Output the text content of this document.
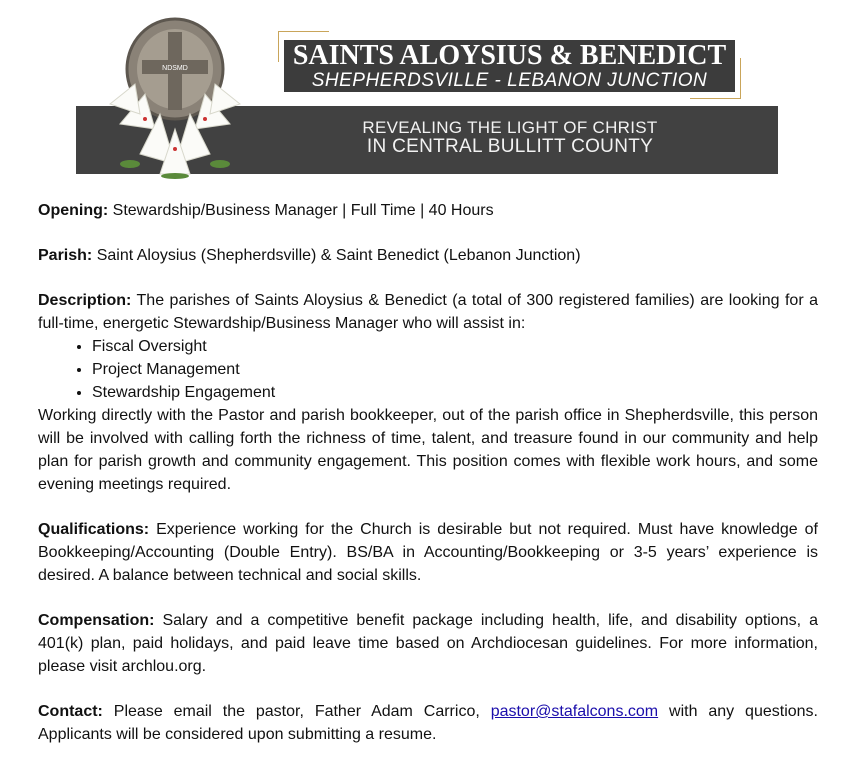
REVEALING THE LIGHT OF CHRIST
IN CENTRAL BULLITT COUNTY
SAINTS ALOYSIUS & BENEDICT
SHEPHERDSVILLE - LEBANON JUNCTION
NDSMD

Opening: Stewardship/Business Manager | Full Time | 40 Hours

Parish: Saint Aloysius (Shepherdsville) & Saint Benedict (Lebanon Junction)

Description: The parishes of Saints Aloysius & Benedict (a total of 300 registered families) are looking for a full-time, energetic Stewardship/Business Manager who will assist in:
• Fiscal Oversight
• Project Management
• Stewardship Engagement
Working directly with the Pastor and parish bookkeeper, out of the parish office in Shepherdsville, this person will be involved with calling forth the richness of time, talent, and treasure found in our community and help plan for parish growth and community engagement. This position comes with flexible work hours, and some evening meetings required.

Qualifications: Experience working for the Church is desirable but not required. Must have knowledge of Bookkeeping/Accounting (Double Entry). BS/BA in Accounting/Bookkeeping or 3-5 years’ experience is desired. A balance between technical and social skills.

Compensation: Salary and a competitive benefit package including health, life, and disability options, a 401(k) plan, paid holidays, and paid leave time based on Archdiocesan guidelines. For more information, please visit archlou.org.

Contact: Please email the pastor, Father Adam Carrico, pastor@stafalcons.com with any questions. Applicants will be considered upon submitting a resume.
